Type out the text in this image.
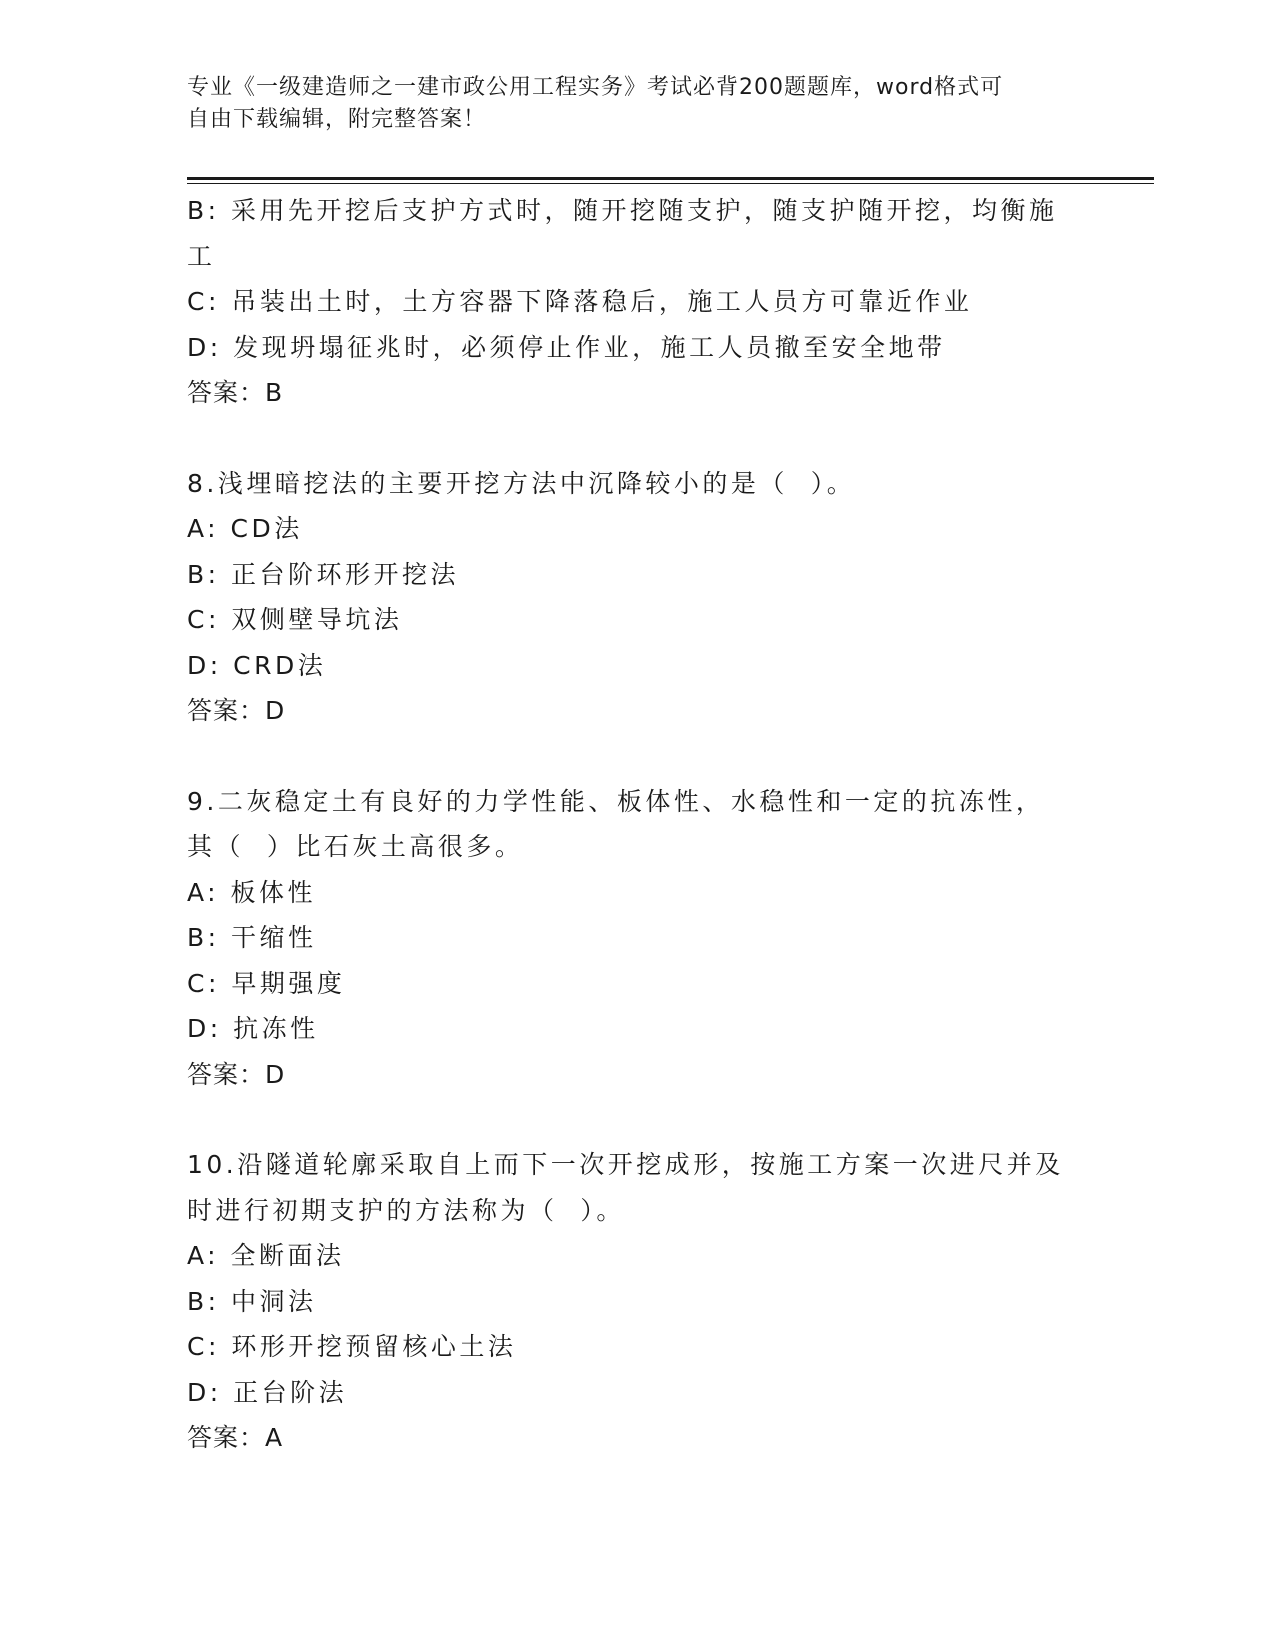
专业《一级建造师之一建市政公用工程实务》考试必背200题题库，word格式可
自由下载编辑，附完整答案！
B: 采用先开挖后支护方式时，随开挖随支护，随支护随开挖，均衡施
工
C: 吊装出土时，土方容器下降落稳后，施工人员方可靠近作业
D: 发现坍塌征兆时，必须停止作业，施工人员撤至安全地带
答案：B
8.浅埋暗挖法的主要开挖方法中沉降较小的是（  ）。
A: CD法
B: 正台阶环形开挖法
C: 双侧壁导坑法
D: CRD法
答案：D
9.二灰稳定土有良好的力学性能、板体性、水稳性和一定的抗冻性，
其（  ）比石灰土高很多。
A: 板体性
B: 干缩性
C: 早期强度
D: 抗冻性
答案：D
10.沿隧道轮廓采取自上而下一次开挖成形，按施工方案一次进尺并及
时进行初期支护的方法称为（  ）。
A: 全断面法
B: 中洞法
C: 环形开挖预留核心土法
D: 正台阶法
答案：A
